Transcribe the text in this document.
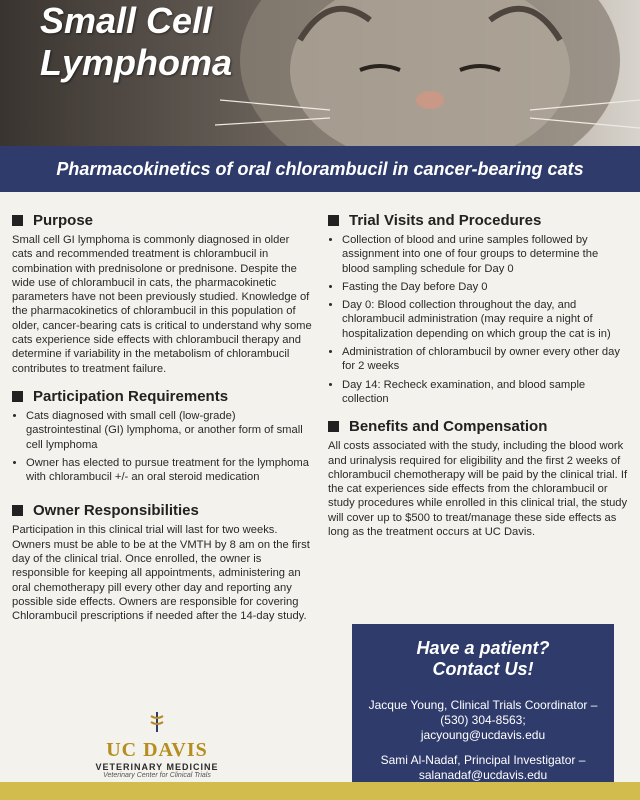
Small Cell
Lymphoma
Pharmacokinetics of oral chlorambucil in cancer-bearing cats
Purpose

Small cell GI lymphoma is commonly diagnosed in older cats and recommended treatment is chlorambucil in combination with prednisolone or prednisone. Despite the wide use of chlorambucil in cats, the pharmacokinetic parameters have not been previously studied. Knowledge of the pharmacokinetics of chlorambucil in this population of older, cancer-bearing cats is critical to understand why some cats experience side effects with chlorambucil therapy and determine if variability in the metabolism of chlorambucil contributes to treatment failure.

Participation Requirements
• Cats diagnosed with small cell (low-grade) gastrointestinal (GI) lymphoma, or another form of small cell lymphoma
• Owner has elected to pursue treatment for the lymphoma with chlorambucil +/- an oral steroid medication
Owner Responsibilities

Participation in this clinical trial will last for two weeks. Owners must be able to be at the VMTH by 8 am on the first day of the clinical trial. Once enrolled, the owner is responsible for keeping all appointments, administering an oral chemotherapy pill every other day and reporting any possible side effects. Owners are responsible for covering Chlorambucil prescriptions if needed after the 14-day study.

Trial Visits and Procedures
• Collection of blood and urine samples followed by assignment into one of four groups to determine the blood sampling schedule for Day 0
• Fasting the Day before Day 0
• Day 0: Blood collection throughout the day, and chlorambucil administration (may require a night of hospitalization depending on which group the cat is in)
• Administration of chlorambucil by owner every other day for 2 weeks
• Day 14: Recheck examination, and blood sample collection
Benefits and Compensation

All costs associated with the study, including the blood work and urinalysis required for eligibility and the first 2 weeks of chlorambucil chemotherapy will be paid by the clinical trial. If the cat experiences side effects from the chlorambucil or study procedures while enrolled in this clinical trial, the study will cover up to $500 to treat/manage these side effects as long as the treatment occurs at UC Davis.

Have a patient?
Contact Us!

Jacque Young, Clinical Trials Coordinator –

(530) 304-8563;

jacyoung@ucdavis.edu

Sami Al-Nadaf, Principal Investigator –

salanadaf@ucdavis.edu

UC DAVIS
VETERINARY MEDICINE
Veterinary Center for Clinical Trials
